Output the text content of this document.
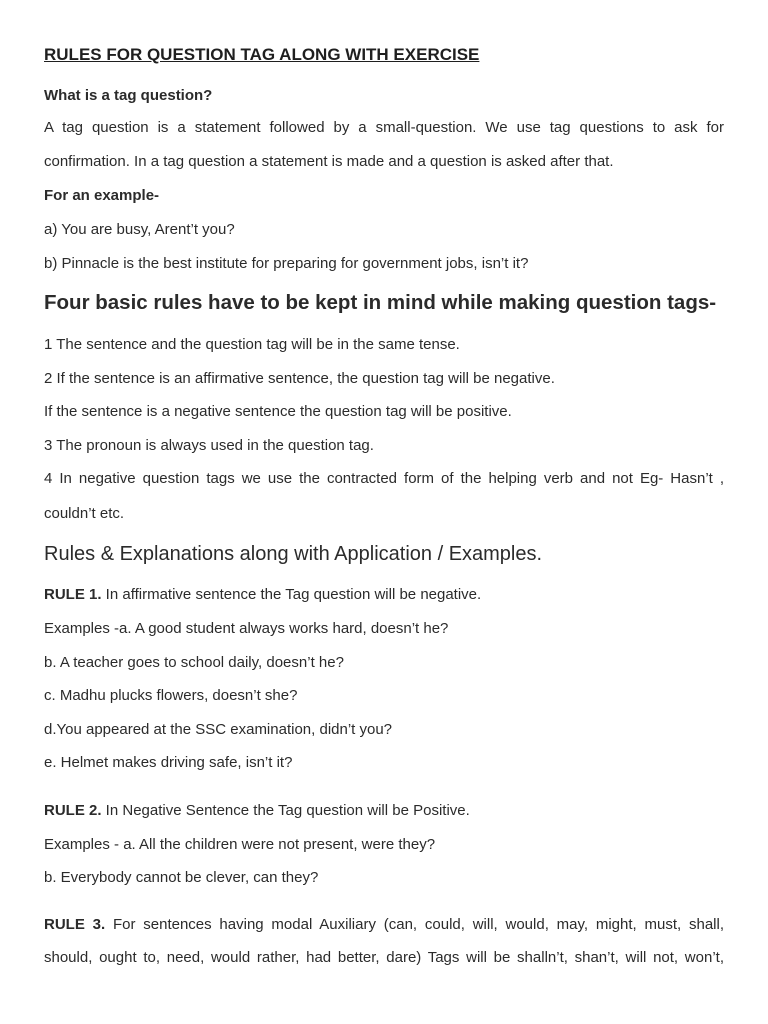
RULES FOR QUESTION TAG ALONG WITH EXERCISE
What is a tag question?
A tag question is a statement followed by a small-question. We use tag questions to ask for
confirmation. In a tag question a statement is made and a question is asked after that.
For an example-
a) You are busy, Arent’t you?
b) Pinnacle is the best institute for preparing for government jobs, isn’t it?
Four basic rules have to be kept in mind while making question tags-
1 The sentence and the question tag will be in the same tense.
2 If the sentence is an affirmative sentence, the question tag will be negative.
If the sentence is a negative sentence the question tag will be positive.
3 The pronoun is always used in the question tag.
4 In negative question tags we use the contracted form of the helping verb and not Eg- Hasn’t ,
couldn’t etc.
Rules & Explanations along with Application / Examples.
RULE 1. In affirmative sentence the Tag question will be negative.
Examples -a. A good student always works hard, doesn’t he?
b. A teacher goes to school daily, doesn’t he?
c. Madhu plucks flowers, doesn’t she?
d.You appeared at the SSC examination, didn’t you?
e. Helmet makes driving safe, isn’t it?
RULE 2. In Negative Sentence the Tag question will be Positive.
Examples - a. All the children were not present, were they?
b. Everybody cannot be clever, can they?
RULE 3. For sentences having modal Auxiliary (can, could, will, would, may, might, must, shall,
should, ought to, need, would rather, had better, dare) Tags will be shalln’t, shan’t, will not, won’t,
